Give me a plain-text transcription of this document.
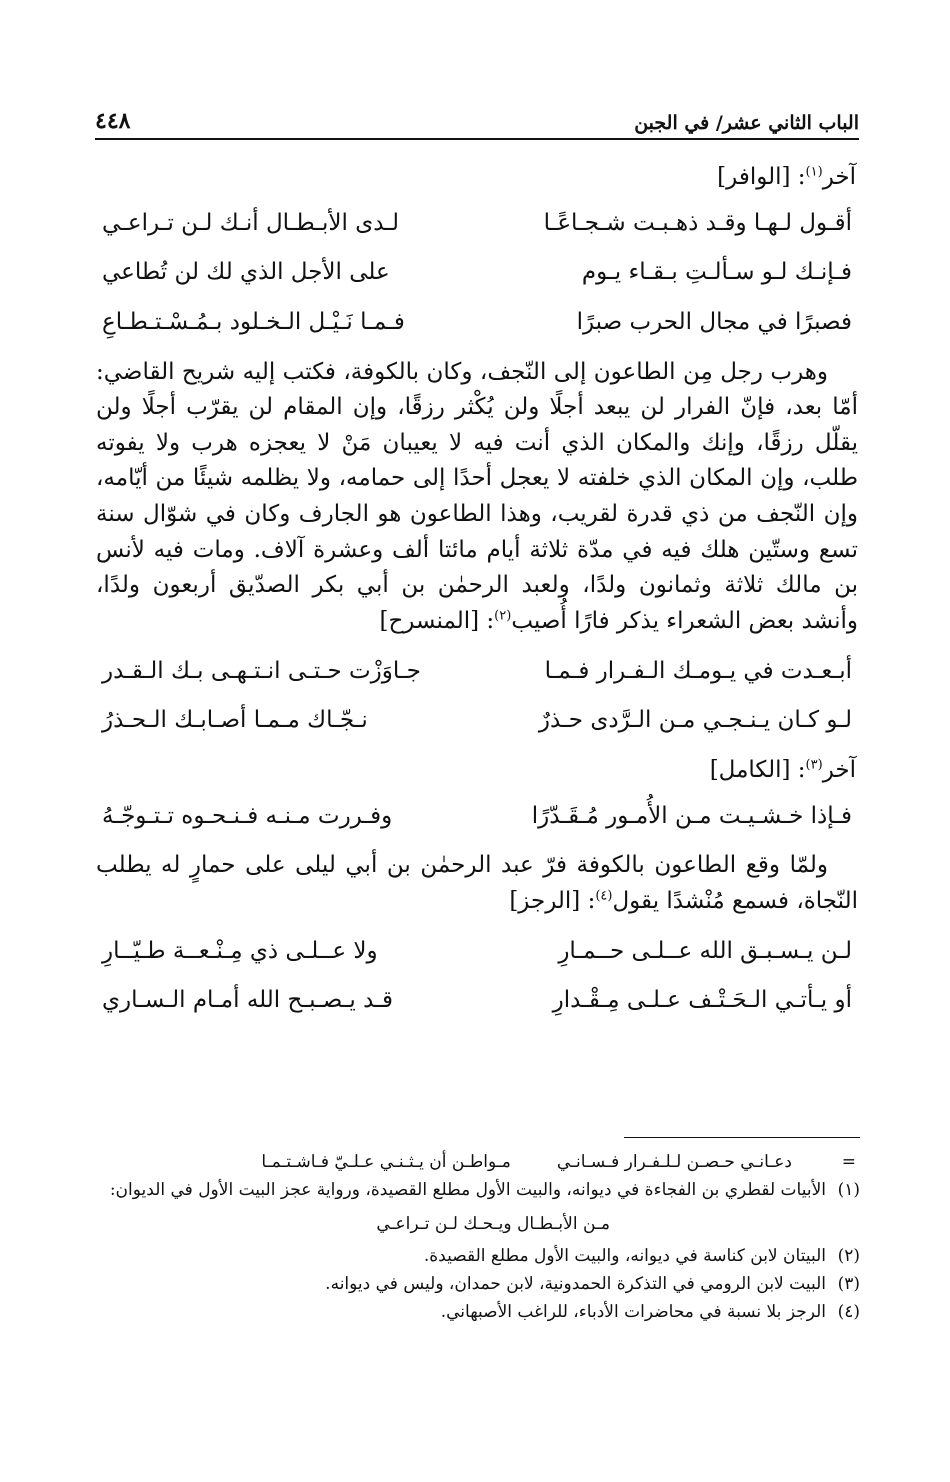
الباب الثاني عشر/ في الجبن
٤٤٨
آخر$^{(١)}$: [الوافر]
أقـول لـهـا وقـد ذهـبـت شـجـاعًـا
لـدى الأبـطـال أنـك لـن تـراعـي
فـإنـك لـو سـألـتِ بـقـاء يـوم
على الأجل الذي لك لن تُطاعي
فصبرًا في مجال الحرب صبرًا
فـمـا نَـيْـل الـخـلود بـمُـسْـتـطـاعِ

وهرب رجل مِن الطاعون إلى النّجف، وكان بالكوفة، فكتب إليه شريح القاضي: أمّا بعد، فإنّ الفرار لن يبعد أجلًا ولن يُكْثر رزقًا، وإن المقام لن يقرّب أجلًا ولن يقلّل رزقًا، وإنك والمكان الذي أنت فيه لا يعيبان مَنْ لا يعجزه هرب ولا يفوته طلب، وإن المكان الذي خلفته لا يعجل أحدًا إلى حمامه، ولا يظلمه شيئًا من أيّامه، وإن النّجف من ذي قدرة لقريب، وهذا الطاعون هو الجارف وكان في شوّال سنة تسع وستّين هلك فيه في مدّة ثلاثة أيام مائتا ألف وعشرة آلاف. ومات فيه لأنس بن مالك ثلاثة وثمانون ولدًا، ولعبد الرحمٰن بن أبي بكر الصدّيق أربعون ولدًا، وأنشد بعض الشعراء يذكر فارًا أُصيب$^{(٢)}$: [المنسرح]

أبـعـدت في يـومـك الـفـرار فـمـا
جـاوَزْت حـتـى انـتـهـى بـك الـقـدر
لـو كـان يـنـجـي مـن الـرَّدى حـذرٌ
نـجّـاك مـمـا أصـابـك الـحـذرُ
آخر$^{(٣)}$: [الكامل]
فـإذا خـشـيـت مـن الأُمـور مُـقَـدّرًا
وفـررت مـنـه فـنـحـوه تـتـوجّـهُ

ولمّا وقع الطاعون بالكوفة فرّ عبد الرحمٰن بن أبي ليلى على حمارٍ له يطلب النّجاة، فسمع مُنْشدًا يقول$^{(٤)}$: [الرجز]

لـن يـسـبـق الله عــلـى حــمـارِ
ولا عــلـى ذي مِـنْـعــة طـيّــارِ
أو يـأتـي الـحَـتْـف عـلـى مِـقْـدارِ
قـد يـصـبـح الله أمـام الـسـاري
=
دعـانـي حـصـن لـلـفـرار فـسـانـي
مـواطـن أن يـثـنـي عـلـيّ فـاشـتـمـا

(١)الأبيات لقطري بن الفجاءة في ديوانه، والبيت الأول مطلع القصيدة، ورواية عجز البيت الأول في الديوان:

مـن الأبـطـال ويـحـك لـن تـراعـي

(٢)البيتان لابن كناسة في ديوانه، والبيت الأول مطلع القصيدة.

(٣)البيت لابن الرومي في التذكرة الحمدونية، لابن حمدان، وليس في ديوانه.

(٤)الرجز بلا نسبة في محاضرات الأدباء، للراغب الأصبهاني.
